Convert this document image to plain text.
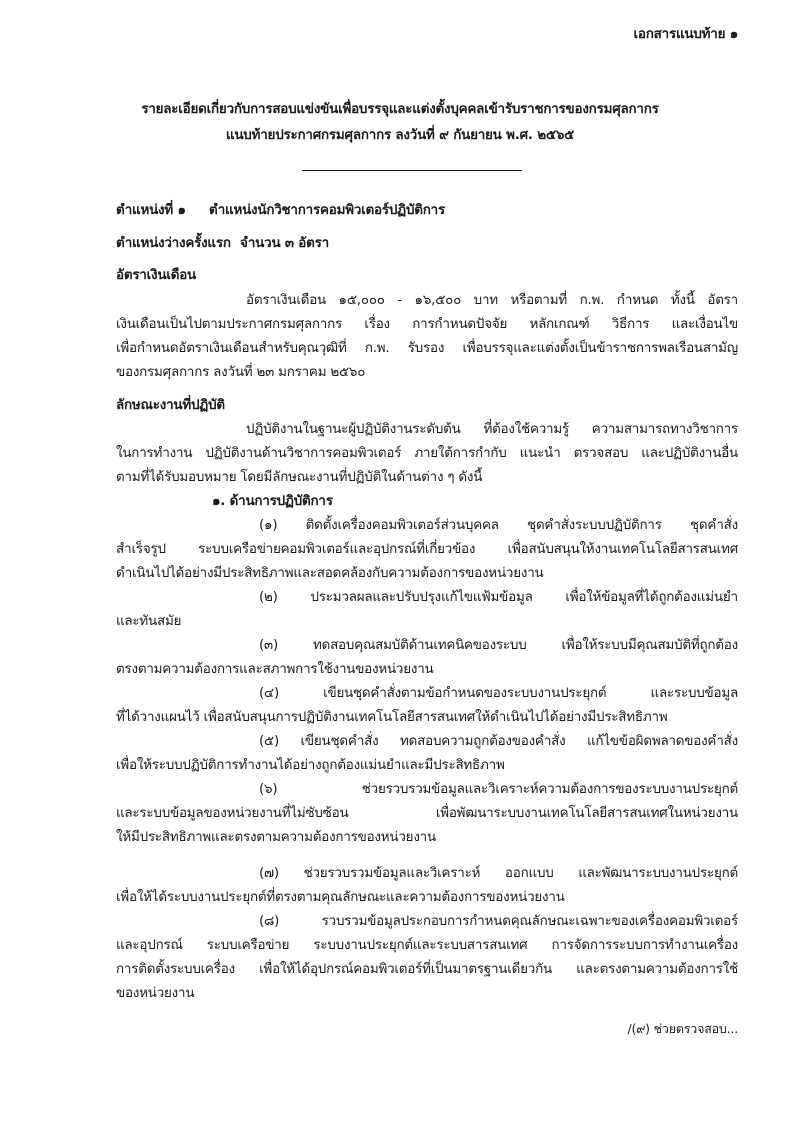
เอกสารแนบท้าย ๑
รายละเอียดเกี่ยวกับการสอบแข่งขันเพื่อบรรจุและแต่งตั้งบุคคลเข้ารับราชการของกรมศุลกากร
แนบท้ายประกาศกรมศุลกากร ลงวันที่ ๙ กันยายน พ.ศ. ๒๕๖๕
ตำแหน่งที่ ๑ ตำแหน่งนักวิชาการคอมพิวเตอร์ปฏิบัติการ
ตำแหน่งว่างครั้งแรก จำนวน ๓ อัตรา
อัตราเงินเดือน
อัตราเงินเดือน ๑๕,๐๐๐ - ๑๖,๕๐๐ บาท หรือตามที่ ก.พ. กำหนด ทั้งนี้ อัตรา
เงินเดือนเป็นไปตามประกาศกรมศุลกากร เรื่อง การกำหนดปัจจัย หลักเกณฑ์ วิธีการ และเงื่อนไข
เพื่อกำหนดอัตราเงินเดือนสำหรับคุณวุฒิที่ ก.พ. รับรอง เพื่อบรรจุและแต่งตั้งเป็นข้าราชการพลเรือนสามัญ
ของกรมศุลกากร ลงวันที่ ๒๓ มกราคม ๒๕๖๐
ลักษณะงานที่ปฏิบัติ
ปฏิบัติงานในฐานะผู้ปฏิบัติงานระดับต้น ที่ต้องใช้ความรู้ ความสามารถทางวิชาการ
ในการทำงาน ปฏิบัติงานด้านวิชาการคอมพิวเตอร์ ภายใต้การกำกับ แนะนำ ตรวจสอบ และปฏิบัติงานอื่น
ตามที่ได้รับมอบหมาย โดยมีลักษณะงานที่ปฏิบัติในด้านต่าง ๆ ดังนี้
๑. ด้านการปฏิบัติการ
(๑) ติดตั้งเครื่องคอมพิวเตอร์ส่วนบุคคล ชุดคำสั่งระบบปฏิบัติการ ชุดคำสั่ง
สำเร็จรูป ระบบเครือข่ายคอมพิวเตอร์และอุปกรณ์ที่เกี่ยวข้อง เพื่อสนับสนุนให้งานเทคโนโลยีสารสนเทศ
ดำเนินไปได้อย่างมีประสิทธิภาพและสอดคล้องกับความต้องการของหน่วยงาน
(๒) ประมวลผลและปรับปรุงแก้ไขแฟ้มข้อมูล เพื่อให้ข้อมูลที่ได้ถูกต้องแม่นยำ
และทันสมัย
(๓) ทดสอบคุณสมบัติด้านเทคนิคของระบบ เพื่อให้ระบบมีคุณสมบัติที่ถูกต้อง
ตรงตามความต้องการและสภาพการใช้งานของหน่วยงาน
(๔) เขียนชุดคำสั่งตามข้อกำหนดของระบบงานประยุกต์ และระบบข้อมูล
ที่ได้วางแผนไว้ เพื่อสนับสนุนการปฏิบัติงานเทคโนโลยีสารสนเทศให้ดำเนินไปได้อย่างมีประสิทธิภาพ
(๕) เขียนชุดคำสั่ง ทดสอบความถูกต้องของคำสั่ง แก้ไขข้อผิดพลาดของคำสั่ง
เพื่อให้ระบบปฏิบัติการทำงานได้อย่างถูกต้องแม่นยำและมีประสิทธิภาพ
(๖) ช่วยรวบรวมข้อมูลและวิเคราะห์ความต้องการของระบบงานประยุกต์
และระบบข้อมูลของหน่วยงานที่ไม่ซับซ้อน เพื่อพัฒนาระบบงานเทคโนโลยีสารสนเทศในหน่วยงาน
ให้มีประสิทธิภาพและตรงตามความต้องการของหน่วยงาน
(๗) ช่วยรวบรวมข้อมูลและวิเคราะห์ ออกแบบ และพัฒนาระบบงานประยุกต์
เพื่อให้ได้ระบบงานประยุกต์ที่ตรงตามคุณลักษณะและความต้องการของหน่วยงาน
(๘) รวบรวมข้อมูลประกอบการกำหนดคุณลักษณะเฉพาะของเครื่องคอมพิวเตอร์
และอุปกรณ์ ระบบเครือข่าย ระบบงานประยุกต์และระบบสารสนเทศ การจัดการระบบการทำงานเครื่อง
การติดตั้งระบบเครื่อง เพื่อให้ได้อุปกรณ์คอมพิวเตอร์ที่เป็นมาตรฐานเดียวกัน และตรงตามความต้องการใช้
ของหน่วยงาน
/(๙) ช่วยตรวจสอบ...
